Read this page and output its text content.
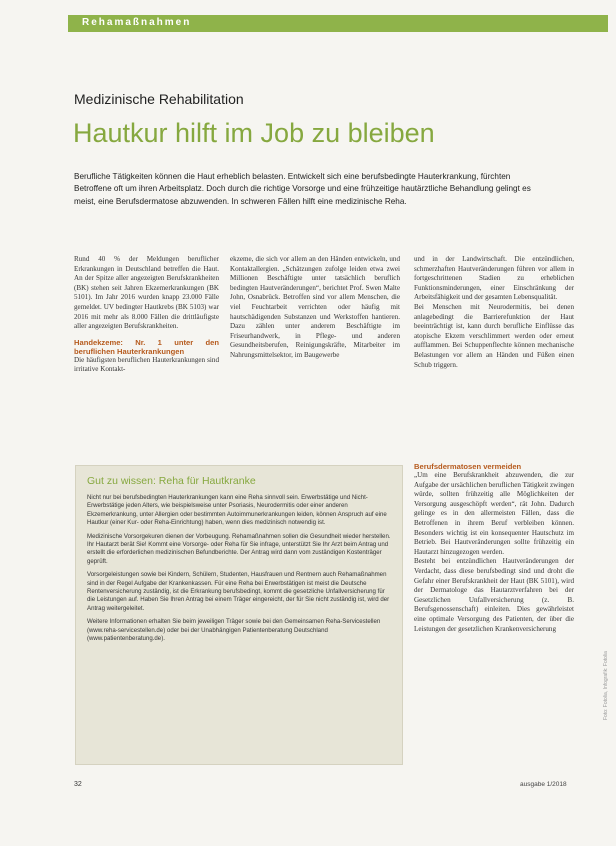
Rehamaßnahmen
Medizinische Rehabilitation
Hautkur hilft im Job zu bleiben
Berufliche Tätigkeiten können die Haut erheblich belasten. Entwickelt sich eine berufsbedingte Hauterkrankung, fürchten Betroffene oft um ihren Arbeitsplatz. Doch durch die richtige Vorsorge und eine frühzeitige hautärztliche Behandlung gelingt es meist, eine Berufsdermatose abzuwenden. In schweren Fällen hilft eine medizinische Reha.

Rund 40 % der Meldungen beruflicher Erkrankungen in Deutschland betreffen die Haut. An der Spitze aller angezeigten Berufskrankheiten (BK) stehen seit Jahren Ekzemerkrankungen (BK 5101). Im Jahr 2016 wurden knapp 23.000 Fälle gemeldet. UV bedingter Hautkrebs (BK 5103) war 2016 mit mehr als 8.000 Fällen die drittläufigste aller angezeigten Berufskrankheiten.

Handekzeme: Nr. 1 unter den beruflichen Hauterkrankungen

Die häufigsten beruflichen Hauterkrankungen sind irritative Kontakt-

ekzeme, die sich vor allem an den Händen entwickeln, und Kontaktallergien. „Schätzungen zufolge leiden etwa zwei Millionen Beschäftigte unter tatsächlich beruflich bedingten Hautveränderungen“, berichtet Prof. Swen Malte John, Osnabrück. Betroffen sind vor allem Menschen, die viel Feuchtarbeit verrichten oder häufig mit hautschädigenden Substanzen und Werkstoffen hantieren. Dazu zählen unter anderem Beschäftigte im Friseurhandwerk, in Pflege- und anderen Gesundheitsberufen, Reinigungskräfte, Mitarbeiter im Nahrungsmittelsektor, im Baugewerbe

und in der Landwirtschaft. Die entzündlichen, schmerzhaften Hautveränderungen führen vor allem in fortgeschrittenen Stadien zu erheblichen Funktionsminderungen, einer Einschränkung der Arbeitsfähigkeit und der gesamten Lebensqualität.

Bei Menschen mit Neurodermitis, bei denen anlagebedingt die Barrierefunktion der Haut beeinträchtigt ist, kann durch berufliche Einflüsse das atopische Ekzem verschlimmert werden oder erneut aufflammen. Bei Schuppenflechte können mechanische Belastungen vor allem an Händen und Füßen einen Schub triggern.

Berufsdermatosen vermeiden

„Um eine Berufskrankheit abzuwenden, die zur Aufgabe der ursächlichen beruflichen Tätigkeit zwingen würde, sollten frühzeitig alle Möglichkeiten der Versorgung ausgeschöpft werden“, rät John. Dadurch gelinge es in den allermeisten Fällen, dass die Betroffenen in ihrem Beruf verbleiben können. Besonders wichtig ist ein konsequenter Hautschutz im Betrieb. Bei Hautveränderungen sollte frühzeitig ein Hautarzt hinzugezogen werden.

Besteht bei entzündlichen Hautveränderungen der Verdacht, dass diese berufsbedingt sind und droht die Gefahr einer Berufskrankheit der Haut (BK 5101), wird der Dermatologe das Hautarztverfahren bei der Gesetzlichen Unfallversicherung (z. B. Berufsgenossenschaft) einleiten. Dies gewährleistet eine optimale Versorgung des Patienten, der über die Leistungen der gesetzlichen Krankenversicherung

Gut zu wissen: Reha für Hautkranke

Nicht nur bei berufsbedingten Hauterkrankungen kann eine Reha sinnvoll sein. Erwerbstätige und Nicht-Erwerbstätige jeden Alters, wie beispielsweise unter Psoriasis, Neurodermitis oder einer anderen Ekzemerkrankung, unter Allergien oder bestimmten Autoimmunerkrankungen leiden, können Anspruch auf eine Hautkur (einer Kur- oder Reha-Einrichtung) haben, wenn dies medizinisch notwendig ist.

Medizinische Vorsorgekuren dienen der Vorbeugung. Rehamaßnahmen sollen die Gesundheit wieder herstellen. Ihr Hautarzt berät Sie! Kommt eine Vorsorge- oder Reha für Sie infrage, unterstützt Sie Ihr Arzt beim Antrag und erstellt die erforderlichen medizinischen Befundberichte. Der Antrag wird dann vom zuständigen Kostenträger geprüft.

Vorsorgeleistungen sowie bei Kindern, Schülern, Studenten, Hausfrauen und Rentnern auch Rehamaßnahmen sind in der Regel Aufgabe der Krankenkassen. Für eine Reha bei Erwerbstätigen ist meist die Deutsche Rentenversicherung zuständig, ist die Erkrankung berufsbedingt, kommt die gesetzliche Unfallversicherung für die Leistungen auf. Haben Sie Ihren Antrag bei einem Träger eingereicht, der für Sie nicht zuständig ist, wird der Antrag weitergeleitet.

Weitere Informationen erhalten Sie beim jeweiligen Träger sowie bei den Gemeinsamen Reha-Servicestellen (www.reha-servicestellen.de) oder bei der Unabhängigen Patientenberatung Deutschland (www.patientenberatung.de).

32	ausgabe 1/2018
Foto: Fotolia, Infografik: Fotolia
